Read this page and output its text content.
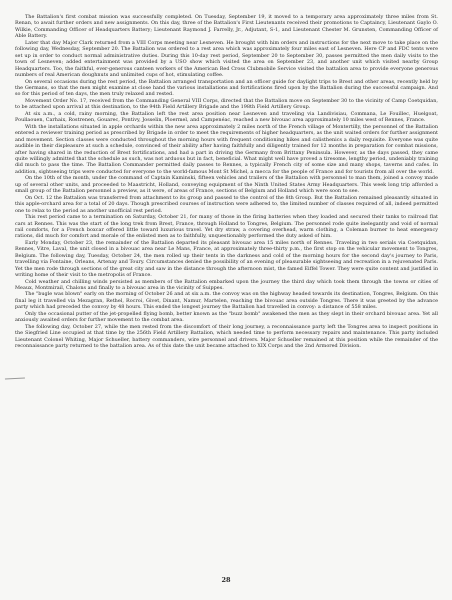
The Battalion's first combat mission was successfully completed. On Tuesday, September 19, it moved to a temporary area approximately three miles from St. Renan, to await further orders and new assignments. On this day, three of the Battalion's First Lieutenants received their promotions to Captaincy, Lieutenant Gaylo O. Wilkie, Commanding Officer of Headquarters Battery; Lieutenant Raymond J. Farrelly, Jr., Adjutant, S-1, and Lieutenant Chester M. Grunsten, Commanding Officer of Able Battery.

Later that day Major Clark returned from a VIII Corps meeting near Lesneven. He brought with him orders and instructions for the next move to take place on the following day, Wednesday, September 20. The Battalion was ordered to a rest area which was approximately four miles east of Lesneven. Here CP and FDC tents were set up in order to conduct normal administrative duties. During this 10-day rest period, September 20 to September 30, passes permitted the men daily visits to the town of Lesneven; added entertainment was provided by a USO show which visited the area on September 23, and another unit which visited nearby Group Headquarters. Too, the faithful, ever-generous canteen workers of the American Red Cross Clubmobile Service visited the battalion area to provide everyone generous numbers of real American doughnuts and unlimited cups of hot, stimulating coffee.

On several occasions during the rest period, the Battalion arranged transportation and an officer guide for daylight trips to Brest and other areas, recently held by the Germans, so that the men might examine at close hand the various installations and fortifications fired upon by the Battalion during the successful campaign. And so for this period of ten days, the men truly relaxed and rested.

Movement Order No. 17, received from the Commanding General VIII Corps, directed that the Battalion move on September 30 to the vicinity of Camp Coetquidan, to be attached upon arrival at this destination, to the 94th Field Artillery Brigade and the 198th Field Artillery Group.

At six a.m., a cold, rainy morning, the Battalion left the rest area position near Lesneven and traveling via Landivisiau, Commana, Le Fouillec, Huelgoat, Poullaouen, Carhaix, Rostrenen, Gouarec, Pontivy, Josselin, Ploermel, and Campenéac, reached a new bivouac area approximately 10 miles west of Rennes, France.

With the installations situated in apple orchards within the new area approximately 2 miles north of the French village of Montertilly, the personnel of the Battalion entered a reviewer training period as prescribed by Brigade in order to meet the requirements of higher headquarters, as the unit waited orders for further assignment and movement. Section classes were conducted throughout the morning hours with frequent conditioning hikes and calisthenics a daily requisite. Everyone was quite audible in their displeasure at such a schedule, convinced of their ability after having faithfully and diligently trained for 12 months in preparation for combat missions, after having shared in the reduction of Brest fortifications, and had a part in driving the Germany from Brittany Peninsula. However, as the days passed, they came quite willingly admitted that the schedule as such, was not arduous but in fact, beneficial. What might well have proved a tiresome, lengthy period, undeniably training did much to pass the time. The Battalion Commander permitted daily passes to Rennes, a typically French city of some size and many shops, taverns and cafes. In addition, sightseeing trips were conducted for everyone to the world-famous Mont St Michel, a mecca for the people of France and for tourists from all over the world.

On the 10th of the month, under the command of Captain Kaminski, fifteen vehicles and trailers of the Battalion with personnel to man them, joined a convoy made up of several other units, and proceeded to Maastricht, Holland, conveying equipment of the Ninth United States Army Headquarters. This week long trip afforded a small group of the Battalion personnel a preview, as it were, of areas of France, sections of Belgium and Holland which were soon to see.

On Oct. 12 the Battalion was transferred from attachment to its group and passed to the control of the 8th Group. But the Battalion remained pleasantly situated in this apple-orchard area for a total of 20 days. Though prescribed courses of instruction were adhered to, the limited number of classes required of all, indeed permitted one to relax to the period as another unofficial rest period.

This rest period came to a termination on Saturday, October 21, for many of those in the firing batteries when they loaded and secured their tanks to railroad flat cars at Rennes. This was the start of the long trek from Brest, France, through Holland to Tongres, Belgium. The personnel rode quite inelegantly and void of normal rail comforts, for a French boxcar offered little toward luxurious travel. Yet dry straw, a covering overhead, warm clothing, a Coleman burner to heat emergency rations, did much for comfort and morale of the enlisted men as to faithfully, unquestionably performed the duty asked of him.

Early Monday, October 23, the remainder of the Battalion departed its pleasant bivouac area 15 miles north of Rennes. Traveling in two serials via Coetquidan, Rennes, Vitre, Laval, the unit closed in a bivouac area near Le Mans, France, at approximately three-thirty p.m., the first stop on the vehicular movement to Tongres, Belgium. The following day, Tuesday, October 24, the men rolled up their tents in the darkness and cold of the morning hours for the second day's journey to Paris, travelling via Fontaine, Orleans, Artenay and Toury. Circumstances denied the possibility of an evening of pleasurable sightseeing and recreation in a rejuvenated Paris. Yet the men rode through sections of the great city and saw in the distance through the afternoon mist, the famed Eiffel Tower. They were quite content and justified in writing home of their visit to the metropolis of France.

Cold weather and chilling winds persisted as members of the Battalion embarked upon the journey the third day which took them through the towns or cities of Meaux, Montmirail, Chalons and finally to a bivouac area in the vicinity of Suippes.

The "bugle was blown" early on the morning of October 26 and at six a.m. the convoy was on the highway headed towards its destination, Tongres, Belgium. On this final leg it travelled via Mezagran, Rethel, Rocroi, Givet, Dinant, Namur, Martelen, reaching the bivouac area outside Tongres. There it was greeted by the advance party which had preceded the convoy by 48 hours. This ended the longest journey the Battalion had travelled in convoy: a distance of 558 miles.

Only the occasional putter of the jet-propelled flying bomb, better known as the "buzz bomb" awakened the men as they slept in their orchard bivouac area. Yet all anxiously awaited orders for further movement to the combat area.

The following day, October 27, while the men rested from the discomfort of their long journey, a reconnaissance party left the Tongres area to inspect positions in the Siegfried Line occupied at that time by the 256th Field Artillery Battalion, which needed time to perform necessary repairs and maintenance. This party included Lieutenant Colonel Whiting, Major Schueller, battery commanders, wire personnel and drivers. Major Schueller remained at this position while the remainder of the reconnaissance party returned to the battalion area. As of this date the unit became attached to XIX Corps and the 2nd Armored Division.

28
